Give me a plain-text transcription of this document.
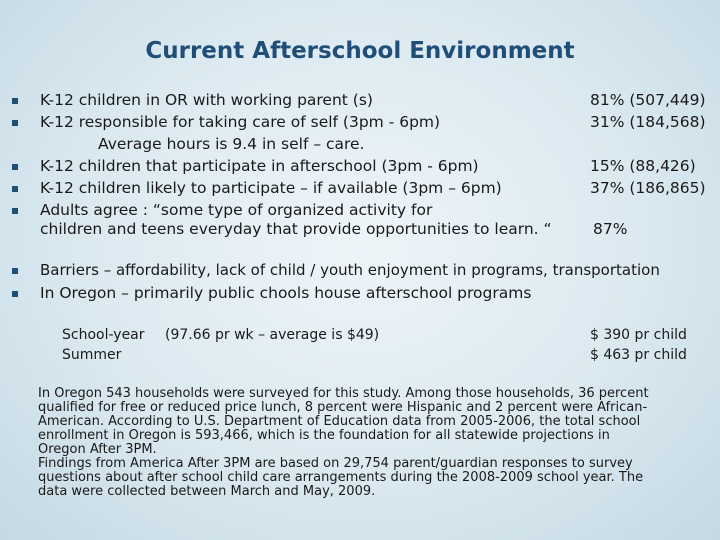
Current Afterschool Environment
K-12 children in OR with working parent (s)	81% (507,449)
K-12 responsible for taking care of self (3pm - 6pm)	31% (184,568)
Average hours is 9.4 in self – care.
K-12 children that participate in afterschool (3pm - 6pm)	15% (88,426)
K-12 children likely to participate – if available (3pm – 6pm)	37% (186,865)
Adults agree : “some type of organized activity for
children and teens everyday that provide opportunities to learn. “	87%
Barriers – affordability, lack of child / youth enjoyment in programs, transportation
In Oregon – primarily public chools house afterschool programs
School-year (97.66 pr wk – average is $49)	$ 390 pr child
Summer	$ 463 pr child
In Oregon 543 households were surveyed for this study. Among those households, 36 percent
qualified for free or reduced price lunch, 8 percent were Hispanic and 2 percent were African-
American. According to U.S. Department of Education data from 2005-2006, the total school
enrollment in Oregon is 593,466, which is the foundation for all statewide projections in
Oregon After 3PM.
Findings from America After 3PM are based on 29,754 parent/guardian responses to survey
questions about after school child care arrangements during the 2008-2009 school year. The
data were collected between March and May, 2009.
